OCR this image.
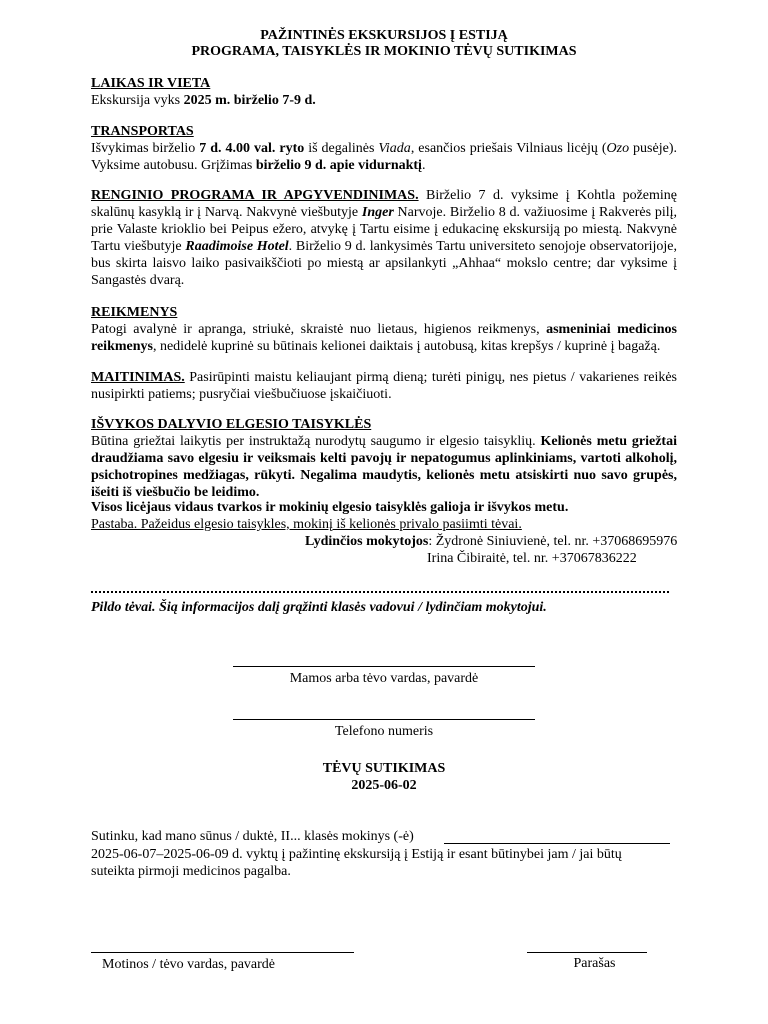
PAŽINTINĖS EKSKURSIJOS Į ESTIJĄ
PROGRAMA, TAISYKLĖS IR MOKINIO TĖVŲ SUTIKIMAS
LAIKAS IR VIETA
Ekskursija vyks 2025 m. birželio 7-9 d.
TRANSPORTAS
Išvykimas birželio 7 d. 4.00 val. ryto iš degalinės Viada, esančios priešais Vilniaus licėjų (Ozo pusėje). Vyksime autobusu. Grįžimas birželio 9 d. apie vidurnaktį.
RENGINIO PROGRAMA IR APGYVENDINIMAS. Birželio 7 d. vyksime į Kohtla požeminę skalūnų kasyklą ir į Narvą. Nakvynė viešbutyje Inger Narvoje. Birželio 8 d. važiuosime į Rakverės pilį, prie Valaste krioklio bei Peipus ežero, atvykę į Tartu eisime į edukacinę ekskursiją po miestą. Nakvynė Tartu viešbutyje Raadimoise Hotel. Birželio 9 d. lankysimės Tartu universiteto senojoje observatorijoje, bus skirta laisvo laiko pasivaikščioti po miestą ar apsilankyti „Ahhaa“ mokslo centre; dar vyksime į Sangastės dvarą.
REIKMENYS
Patogi avalynė ir apranga, striukė, skraistė nuo lietaus, higienos reikmenys, asmeniniai medicinos reikmenys, nedidelė kuprinė su būtinais kelionei daiktais į autobusą, kitas krepšys / kuprinė į bagažą.
MAITINIMAS. Pasirūpinti maistu keliaujant pirmą dieną; turėti pinigų, nes pietus / vakarienes reikės nusipirkti patiems; pusryčiai viešbučiuose įskaičiuoti.
IŠVYKOS DALYVIO ELGESIO TAISYKLĖS
Būtina griežtai laikytis per instruktažą nurodytų saugumo ir elgesio taisyklių. Kelionės metu griežtai draudžiama savo elgesiu ir veiksmais kelti pavojų ir nepatogumus aplinkiniams, vartoti alkoholį, psichotropines medžiagas, rūkyti. Negalima maudytis, kelionės metu atsiskirti nuo savo grupės, išeiti iš viešbučio be leidimo.
Visos licėjaus vidaus tvarkos ir mokinių elgesio taisyklės galioja ir išvykos metu.
Pastaba. Pažeidus elgesio taisykles, mokinį iš kelionės privalo pasiimti tėvai.
Lydinčios mokytojos: Žydronė Siniuvienė, tel. nr. +37068695976
Irina Čibiraitė, tel. nr. +37067836222
Pildo tėvai. Šią informacijos dalį grąžinti klasės vadovui / lydinčiam mokytojui.
Mamos arba tėvo vardas, pavardė
Telefono numeris
TĖVŲ SUTIKIMAS
2025-06-02
Sutinku, kad mano sūnus / duktė, II... klasės mokinys (-ė)
2025-06-07–2025-06-09 d. vyktų į pažintinę ekskursiją į Estiją ir esant būtinybei jam / jai būtų
suteikta pirmoji medicinos pagalba.
Motinos / tėvo vardas, pavardė	Parašas
